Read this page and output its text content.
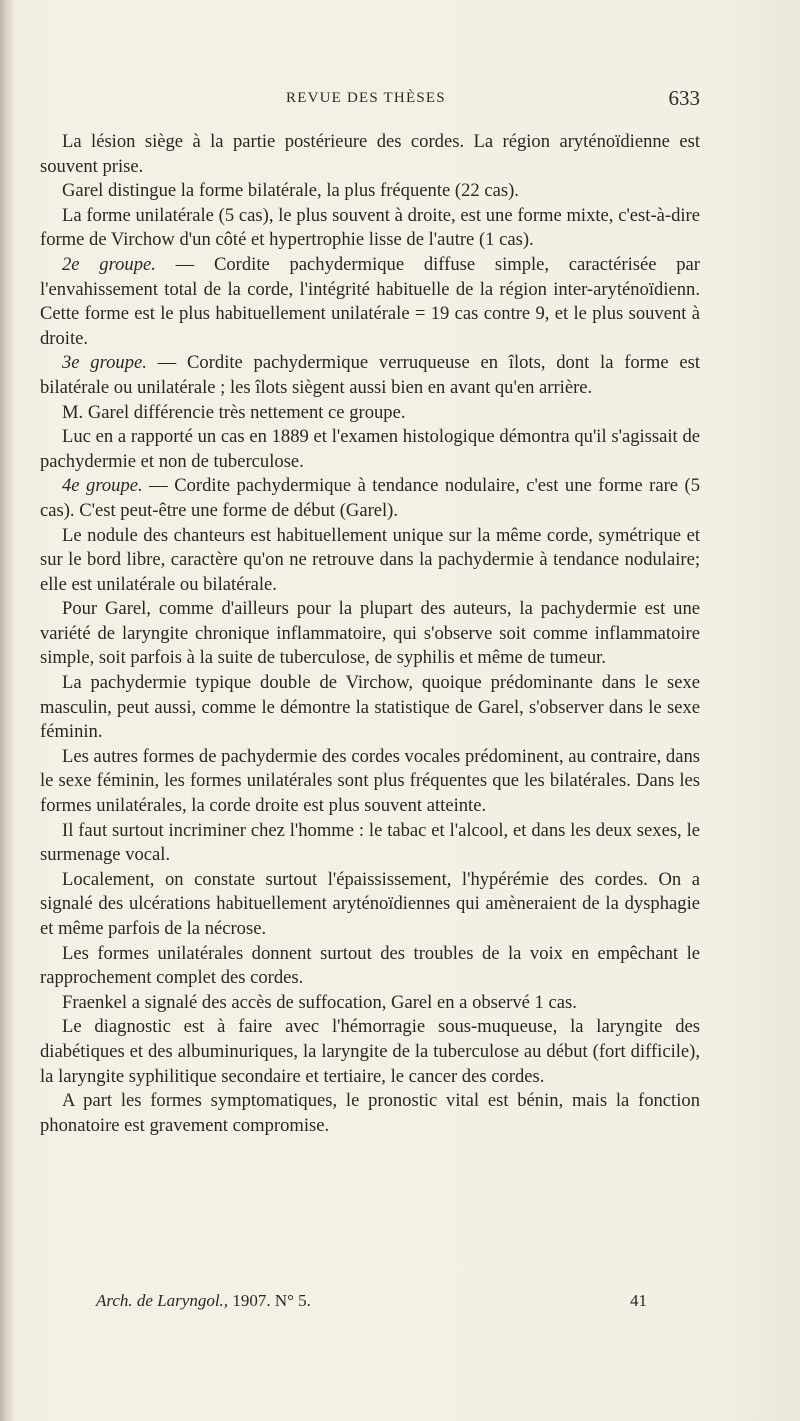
REVUE DES THÈSES	633

La lésion siège à la partie postérieure des cordes. La région aryténoïdienne est souvent prise.

Garel distingue la forme bilatérale, la plus fréquente (22 cas).

La forme unilatérale (5 cas), le plus souvent à droite, est une forme mixte, c'est-à-dire forme de Virchow d'un côté et hypertrophie lisse de l'autre (1 cas).

2e groupe. — Cordite pachydermique diffuse simple, caractérisée par l'envahissement total de la corde, l'intégrité habituelle de la région inter-aryténoïdienn. Cette forme est le plus habituellement unilatérale = 19 cas contre 9, et le plus souvent à droite.

3e groupe. — Cordite pachydermique verruqueuse en îlots, dont la forme est bilatérale ou unilatérale ; les îlots siègent aussi bien en avant qu'en arrière.

M. Garel différencie très nettement ce groupe.

Luc en a rapporté un cas en 1889 et l'examen histologique démontra qu'il s'agissait de pachydermie et non de tuberculose.

4e groupe. — Cordite pachydermique à tendance nodulaire, c'est une forme rare (5 cas). C'est peut-être une forme de début (Garel).

Le nodule des chanteurs est habituellement unique sur la même corde, symétrique et sur le bord libre, caractère qu'on ne retrouve dans la pachydermie à tendance nodulaire; elle est unilatérale ou bilatérale.

Pour Garel, comme d'ailleurs pour la plupart des auteurs, la pachydermie est une variété de laryngite chronique inflammatoire, qui s'observe soit comme inflammatoire simple, soit parfois à la suite de tuberculose, de syphilis et même de tumeur.

La pachydermie typique double de Virchow, quoique prédominante dans le sexe masculin, peut aussi, comme le démontre la statistique de Garel, s'observer dans le sexe féminin.

Les autres formes de pachydermie des cordes vocales prédominent, au contraire, dans le sexe féminin, les formes unilatérales sont plus fréquentes que les bilatérales. Dans les formes unilatérales, la corde droite est plus souvent atteinte.

Il faut surtout incriminer chez l'homme : le tabac et l'alcool, et dans les deux sexes, le surmenage vocal.

Localement, on constate surtout l'épaississement, l'hypérémie des cordes. On a signalé des ulcérations habituellement aryténoïdiennes qui amèneraient de la dysphagie et même parfois de la nécrose.

Les formes unilatérales donnent surtout des troubles de la voix en empêchant le rapprochement complet des cordes.

Fraenkel a signalé des accès de suffocation, Garel en a observé 1 cas.

Le diagnostic est à faire avec l'hémorragie sous-muqueuse, la laryngite des diabétiques et des albuminuriques, la laryngite de la tuberculose au début (fort difficile), la laryngite syphilitique secondaire et tertiaire, le cancer des cordes.

A part les formes symptomatiques, le pronostic vital est bénin, mais la fonction phonatoire est gravement compromise.

Arch. de Laryngol., 1907. N° 5.	41
